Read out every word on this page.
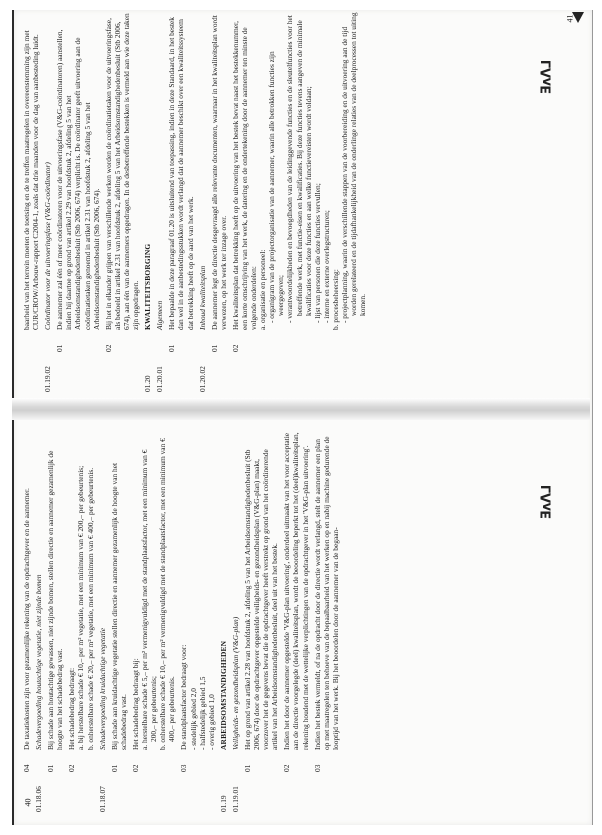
04
De taxatiekosten zijn voor gezamenlijke rekening van de opdrachtgever en de aannemer.
01.18.06
Schadevergoeding houtachtige vegetatie, niet zijnde bomen
01
Bij schade aan houtachtige gewassen, niet zijnde bomen, stellen directie en aannemer gezamenlijk de hoogte van het schadebedrag vast.
02
Het schadebedrag bedraagt: a. bij herstelbare schade € 10,– per m² vegetatie, met een minimum van € 200,– per gebeurtenis; b. onherstelbare schade € 20,– per m² vegetatie, met een minimum van € 400,– per gebeurtenis.
01.18.07
Schadevergoeding kruidachtige vegetatie
01
Bij schade aan kruidachtige vegetatie stellen directie en aannemer gezamenlijk de hoogte van het schadebedrag vast.
02
Het schadebedrag bedraagt bij: a. herstelbare schade € 5,– per m² vermenigvuldigd met de standplaatsfactor, met een minimum van € 200,– per gebeurtenis; b. onherstelbare schade € 10,– per m² vermenigvuldigd met de standplaatsfactor, met een minimum van € 400,– per gebeurtenis.
03
De standplaatsfactor bedraagt voor: - stedelijk gebied 2,0 - halfstedelijk gebied 1,5 - overig gebied 1,0
01.19
ARBEIDSOMSTANDIGHEDEN
01.19.01
Veiligheids- en gezondheidsplan (V&G-plan)
01
Het op grond van artikel 2.28 van hoofdstuk 2, afdeling 5 van het Arbeidsomstandighedenbesluit (Stb 2006, 674) door de opdrachtgever opgestelde veiligheids- en gezondheidsplan (V&G-plan) maakt, voorzover het de gegevens bevat die de opdrachtgever heeft verstrekt op grond van het coördinerende artikel van het Arbeidsomstandighedenbesluit, deel uit van het bestek.
02
Indien het door de aannemer opgestelde 'V&G-plan uitvoering', onderdeel uitmaakt van het voor acceptatie aan de directie voorgelegde (deel) kwaliteitsplan, wordt de beoordeling beperkt tot het (deel)kwaliteitsplan, rekening houdend met de wettelijke verplichtingen van de opdrachtgever in het 'V&G-plan uitvoering'.
03
Indien het bestek vermeldt, of na de opdracht door de directie wordt verlangd, stelt de aannemer een plan op met maatregelen ten behoeve van de bepaalbaarheid van het werken op en nabij machine gedurende de looptijd van het werk. Bij het beoordelen door de aannemer van de begaan-
baarheid van het terrein moeten de toetsing en de te treffen maatregelen in overeenstemming zijn met CUR/CROW/Arbouw-rapport C2004-1, zoals dat drie maanden voor de dag van aanbesteding luidt.
01.19.02
Coördinator voor de uitvoeringsfase (V&G-coördinator)
01
De aannemer zal één of meer coördinatoren voor de uitvoeringsfase (V&G-coördinatoren) aanstellen, indien hij daartoe op grond van artikel 2.29 van hoofdstuk 2, afdeling 5 van het Arbeidsomstandighedenbesluit (Stb 2006, 674) verplicht is. De coördinator geeft uitvoering aan de coördinatietaken genoemd in artikel 2.31 van hoofdstuk 2, afdeling 5 van het Arbeidsomstandighedenbesluit (Stb 2006, 674).
02
Bij het in elkander grijpen van verschillende werken worden de coördinatietaken voor de uitvoeringsfase, als bedoeld in artikel 2.31 van hoofdstuk 2, afdeling 5 van het Arbeidsomstandighedenbesluit (Stb 2006, 674), aan één van de aannemers opgedragen. In de desbetreffende bestekken is vermeld aan wie deze taken zijn opgedragen.
01.20
KWALITEITSBORGING
01.20.01
Algemeen
01
Het bepaalde in deze paragraaf 01.20 is uitsluitend van toepassing, indien in deze Standaard, in het bestek dan wel in de aanbestedingsstukken wordt verlangd dat de aannemer beschikt over een kwaliteitssysteem dat betrekking heeft op de aard van het werk.
01.20.02
Inhoud kwaliteitsplan
01
De aannemer legt de directie desgevraagd alle relevante documenten, waarnaar in het kwaliteitsplan wordt verwezen, op het werk ter inzage over.
02
Het kwaliteitsplan dat betrekking heeft op de uitvoering van het bestek bevat naast het bestekkenummer, een korte omschrijving van het werk, de datering en de ondertekening door de aannemer ten minste de volgende onderdelen: a. organisatie en personeel: - organigram van de projectorganisatie van de aannemer, waarin alle betrokken functies zijn weergegeven; - verantwoordelijkheden en bevoegdheden van de leidinggevende functies en de sleutelfuncties voor het betreffende werk, met functie-eisen en kwalificaties. Bij deze functies tevens aangeven de minimale kwalificaties voor deze functies en aan welke functievereisten wordt voldaan; - lijst van personen die deze functies vervullen; - interne en externe overlegstructuren; b. procesbeheersing: - projectplanning, waarin de verschillende stappen van de voorbereiding en de uitvoering aan de tijd worden gerelateerd en de tijdafhankelijkheid van de onderlinge relaties van de deelprocessen tot uiting komen.
40
41
ƎʌɅ⅃
ƎʌɅ⅃
